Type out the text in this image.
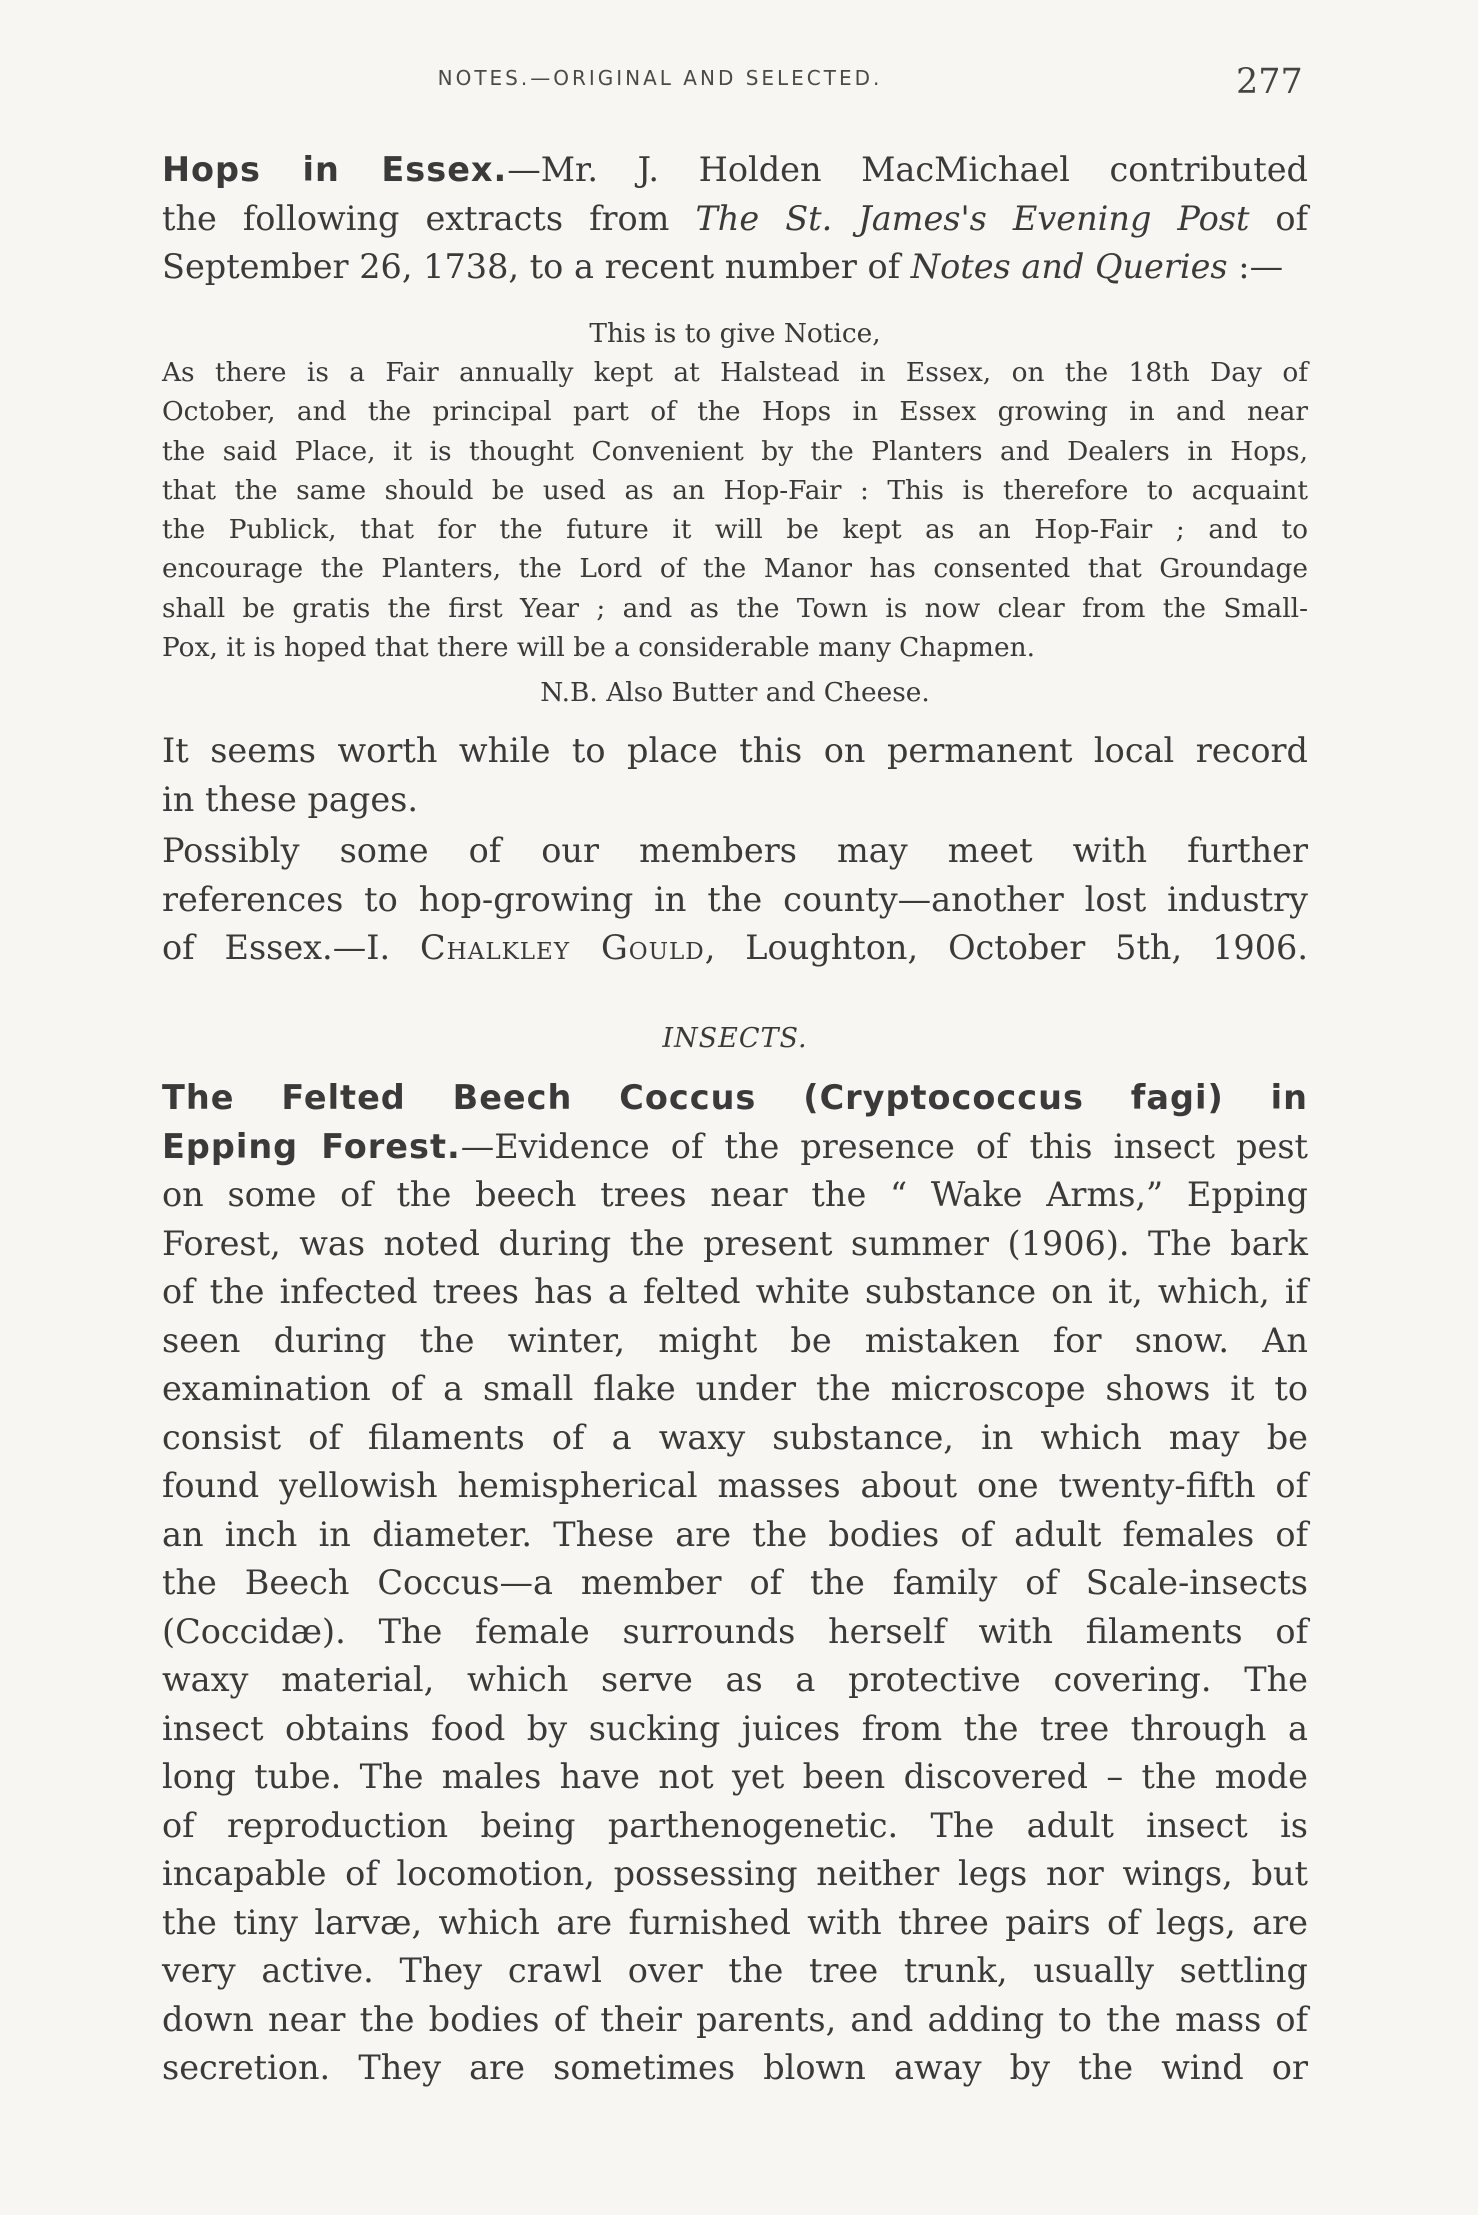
NOTES.—ORIGINAL AND SELECTED.	277
Hops in Essex.—Mr. J. Holden MacMichael contributed
the following extracts from The St. James's Evening Post of
September 26, 1738, to a recent number of Notes and Queries :—
This is to give Notice,
As there is a Fair annually kept at Halstead in Essex, on the 18th Day of
October, and the principal part of the Hops in Essex growing in and near
the said Place, it is thought Convenient by the Planters and Dealers in Hops,
that the same should be used as an Hop-Fair : This is therefore to acquaint
the Publick, that for the future it will be kept as an Hop-Fair ; and to
encourage the Planters, the Lord of the Manor has consented that Groundage
shall be gratis the first Year ; and as the Town is now clear from the Small-
Pox, it is hoped that there will be a considerable many Chapmen.
N.B. Also Butter and Cheese.
It seems worth while to place this on permanent local record
in these pages.
Possibly some of our members may meet with further
references to hop-growing in the county—another lost industry
of Essex.—I. Chalkley Gould, Loughton, October 5th, 1906.
INSECTS.
The Felted Beech Coccus (Cryptococcus fagi) in
Epping Forest.—Evidence of the presence of this insect pest
on some of the beech trees near the “ Wake Arms,” Epping
Forest, was noted during the present summer (1906). The bark
of the infected trees has a felted white substance on it, which, if
seen during the winter, might be mistaken for snow. An
examination of a small flake under the microscope shows it to
consist of filaments of a waxy substance, in which may be
found yellowish hemispherical masses about one twenty-fifth of
an inch in diameter. These are the bodies of adult females of
the Beech Coccus—a member of the family of Scale-insects
(Coccidæ). The female surrounds herself with filaments of
waxy material, which serve as a protective covering. The
insect obtains food by sucking juices from the tree through a
long tube. The males have not yet been discovered – the mode
of reproduction being parthenogenetic. The adult insect is
incapable of locomotion, possessing neither legs nor wings, but
the tiny larvæ, which are furnished with three pairs of legs, are
very active. They crawl over the tree trunk, usually settling
down near the bodies of their parents, and adding to the mass of
secretion. They are sometimes blown away by the wind or
